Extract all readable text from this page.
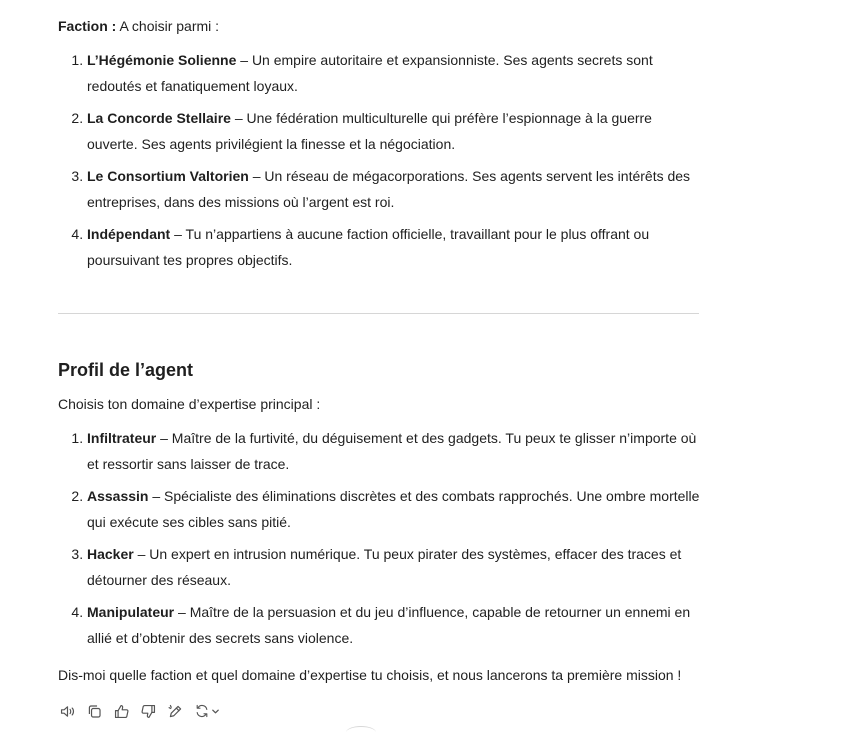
Faction : A choisir parmi :

1. L’Hégémonie Solienne – Un empire autoritaire et expansionniste. Ses agents secrets sont redoutés et fanatiquement loyaux.
2. La Concorde Stellaire – Une fédération multiculturelle qui préfère l’espionnage à la guerre ouverte. Ses agents privilégient la finesse et la négociation.
3. Le Consortium Valtorien – Un réseau de mégacorporations. Ses agents servent les intérêts des entreprises, dans des missions où l’argent est roi.
4. Indépendant – Tu n’appartiens à aucune faction officielle, travaillant pour le plus offrant ou poursuivant tes propres objectifs.
Profil de l’agent

Choisis ton domaine d’expertise principal :

1. Infiltrateur – Maître de la furtivité, du déguisement et des gadgets. Tu peux te glisser n’importe où et ressortir sans laisser de trace.
2. Assassin – Spécialiste des éliminations discrètes et des combats rapprochés. Une ombre mortelle qui exécute ses cibles sans pitié.
3. Hacker – Un expert en intrusion numérique. Tu peux pirater des systèmes, effacer des traces et détourner des réseaux.
4. Manipulateur – Maître de la persuasion et du jeu d’influence, capable de retourner un ennemi en allié et d’obtenir des secrets sans violence.

Dis-moi quelle faction et quel domaine d’expertise tu choisis, et nous lancerons ta première mission !
